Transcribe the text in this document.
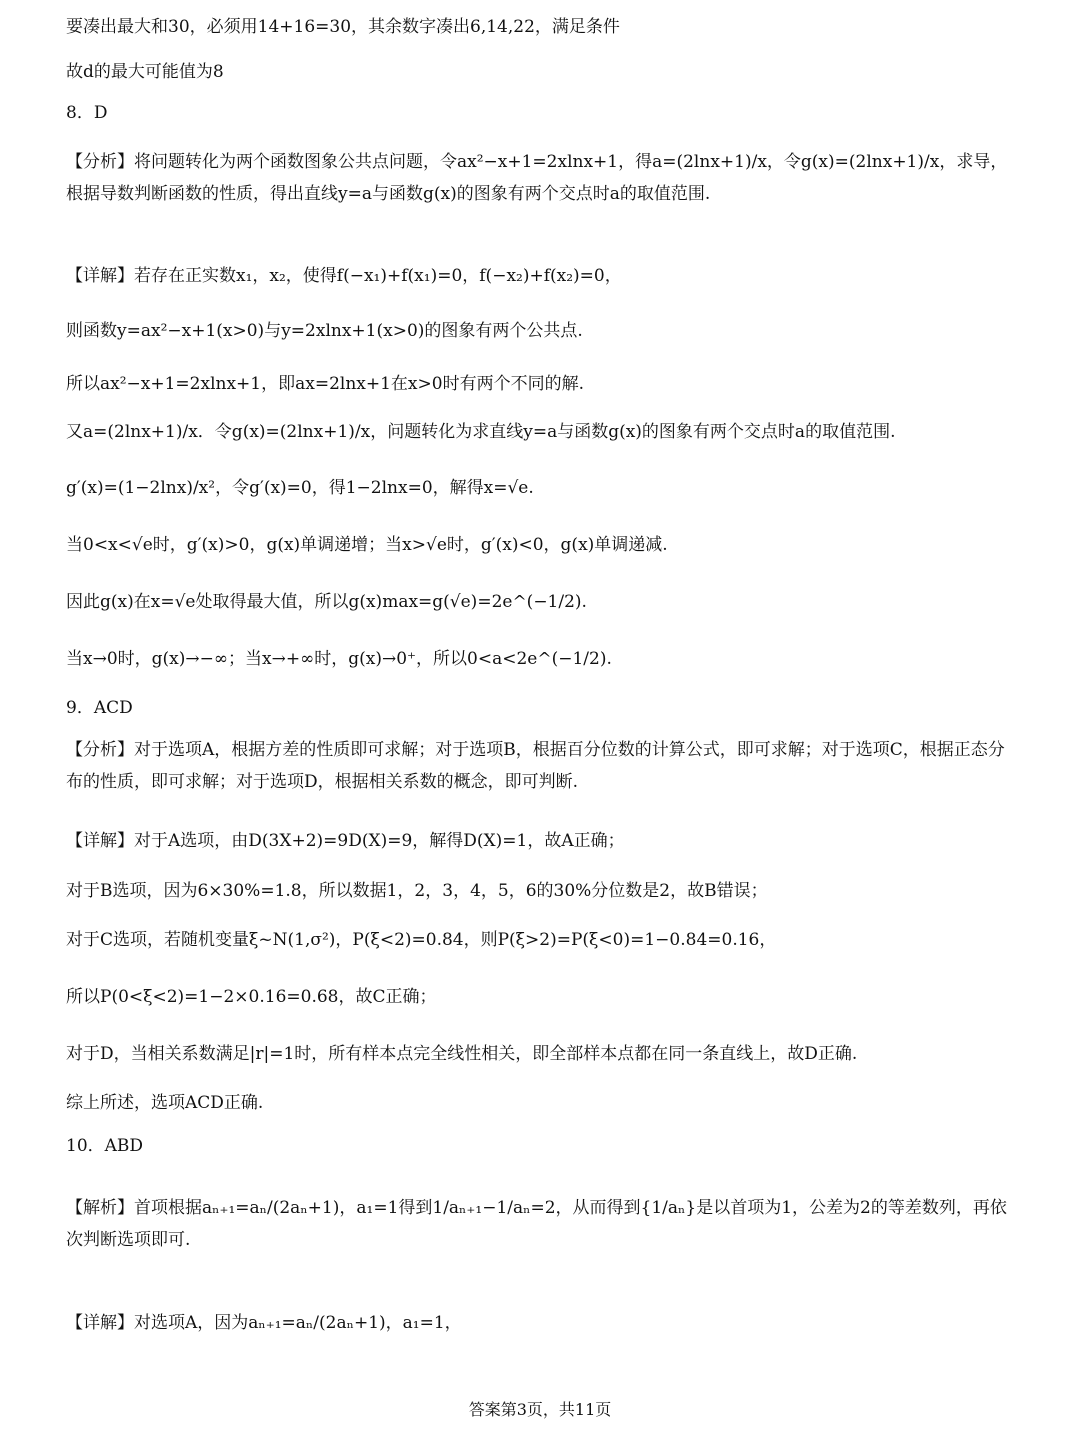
要凑出最大和30，必须用14+16=30，其余数字凑出6,14,22，满足条件
故d的最大可能值为8
8．D
【分析】将问题转化为两个函数图象公共点问题，令ax²−x+1=2xlnx+1，得a=(2lnx+1)/x，令g(x)=(2lnx+1)/x，求导，根据导数判断函数的性质，得出直线y=a与函数g(x)的图象有两个交点时a的取值范围.
【详解】若存在正实数x₁，x₂，使得f(−x₁)+f(x₁)=0，f(−x₂)+f(x₂)=0，
则函数y=ax²−x+1(x>0)与y=2xlnx+1(x>0)的图象有两个公共点.
所以ax²−x+1=2xlnx+1，即ax=2lnx+1在x>0时有两个不同的解.
又a=(2lnx+1)/x．令g(x)=(2lnx+1)/x，问题转化为求直线y=a与函数g(x)的图象有两个交点时a的取值范围.
g′(x)=(1−2lnx)/x²，令g′(x)=0，得1−2lnx=0，解得x=√e.
当0<x<√e时，g′(x)>0，g(x)单调递增；当x>√e时，g′(x)<0，g(x)单调递减.
因此g(x)在x=√e处取得最大值，所以g(x)max=g(√e)=2e^(−1/2).
当x→0时，g(x)→−∞；当x→+∞时，g(x)→0⁺，所以0<a<2e^(−1/2).
9．ACD
【分析】对于选项A，根据方差的性质即可求解；对于选项B，根据百分位数的计算公式，即可求解；对于选项C，根据正态分布的性质，即可求解；对于选项D，根据相关系数的概念，即可判断.
【详解】对于A选项，由D(3X+2)=9D(X)=9，解得D(X)=1，故A正确；
对于B选项，因为6×30%=1.8，所以数据1，2，3，4，5，6的30%分位数是2，故B错误；
对于C选项，若随机变量ξ~N(1,σ²)，P(ξ<2)=0.84，则P(ξ>2)=P(ξ<0)=1−0.84=0.16，
所以P(0<ξ<2)=1−2×0.16=0.68，故C正确；
对于D，当相关系数满足|r|=1时，所有样本点完全线性相关，即全部样本点都在同一条直线上，故D正确.
综上所述，选项ACD正确.
10．ABD
【解析】首项根据aₙ₊₁=aₙ/(2aₙ+1)，a₁=1得到1/aₙ₊₁−1/aₙ=2，从而得到{1/aₙ}是以首项为1，公差为2的等差数列，再依次判断选项即可.
【详解】对选项A，因为aₙ₊₁=aₙ/(2aₙ+1)，a₁=1，
答案第3页，共11页
